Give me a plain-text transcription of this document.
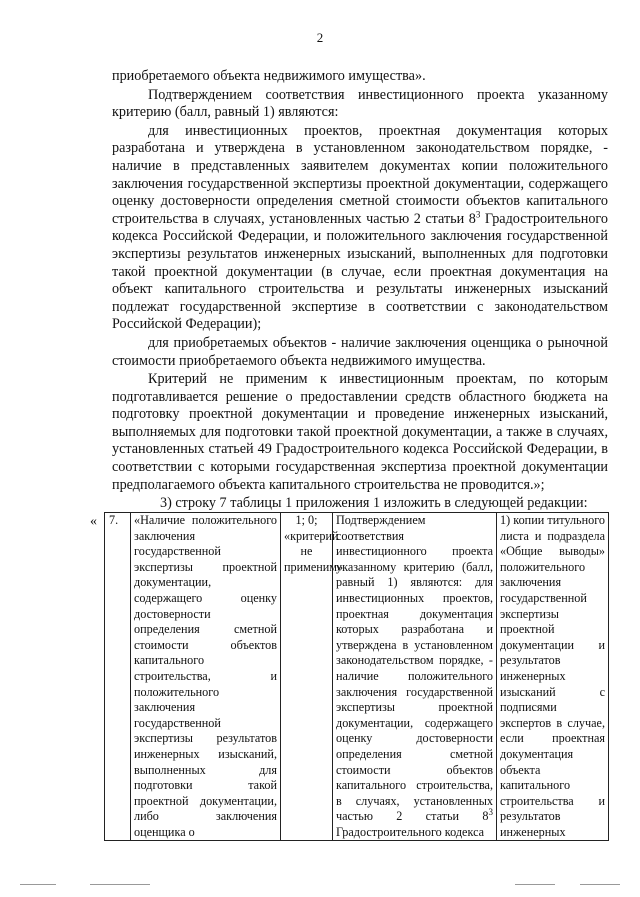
2

приобретаемого объекта недвижимого имущества».

Подтверждением соответствия инвестиционного проекта указанному критерию (балл, равный 1) являются:

для инвестиционных проектов, проектная документация которых разработана и утверждена в установленном законодательством порядке, - наличие в представленных заявителем документах копии положительного заключения государственной экспертизы проектной документации, содержащего оценку достоверности определения сметной стоимости объектов капитального строительства в случаях, установленных частью 2 статьи $8^3$ Градостроительного кодекса Российской Федерации, и положительного заключения государственной экспертизы результатов инженерных изысканий, выполненных для подготовки такой проектной документации (в случае, если проектная документация на объект капитального строительства и результаты инженерных изысканий подлежат государственной экспертизе в соответствии с законодательством Российской Федерации);

для приобретаемых объектов - наличие заключения оценщика о рыночной стоимости приобретаемого объекта недвижимого имущества.

Критерий не применим к инвестиционным проектам, по которым подготавливается решение о предоставлении средств областного бюджета на подготовку проектной документации и проведение инженерных изысканий, выполняемых для подготовки такой проектной документации, а также в случаях, установленных статьей 49 Градостроительного кодекса Российской Федерации, в соответствии с которыми государственная экспертиза проектной документации предполагаемого объекта капитального строительства не проводится.»;

3) строку 7 таблицы 1 приложения 1 изложить в следующей редакции:

« 7.	«Наличие положительного заключения государственной экспертизы проектной документации, содержащего оценку достоверности определения сметной стоимости объектов капитального строительства, и положительного заключения государственной экспертизы результатов инженерных изысканий, выполненных для подготовки такой проектной документации, либо заключения оценщика о	1; 0; «критерий не применим»	Подтверждением соответствия инвестиционного проекта указанному критерию (балл, равный 1) являются: для инвестиционных проектов, проектная документация которых разработана и утверждена в установленном законодательством порядке, - наличие положительного заключения государственной экспертизы проектной документации, содержащего оценку достоверности определения сметной стоимости объектов капитального строительства, в случаях, установленных частью 2 статьи $8^3$ Градостроительного кодекса	1) копии титульного листа и подраздела «Общие выводы» положительного заключения государственной экспертизы проектной документации и результатов инженерных изысканий с подписями экспертов в случае, если проектная документация объекта капитального строительства и результатов инженерных
